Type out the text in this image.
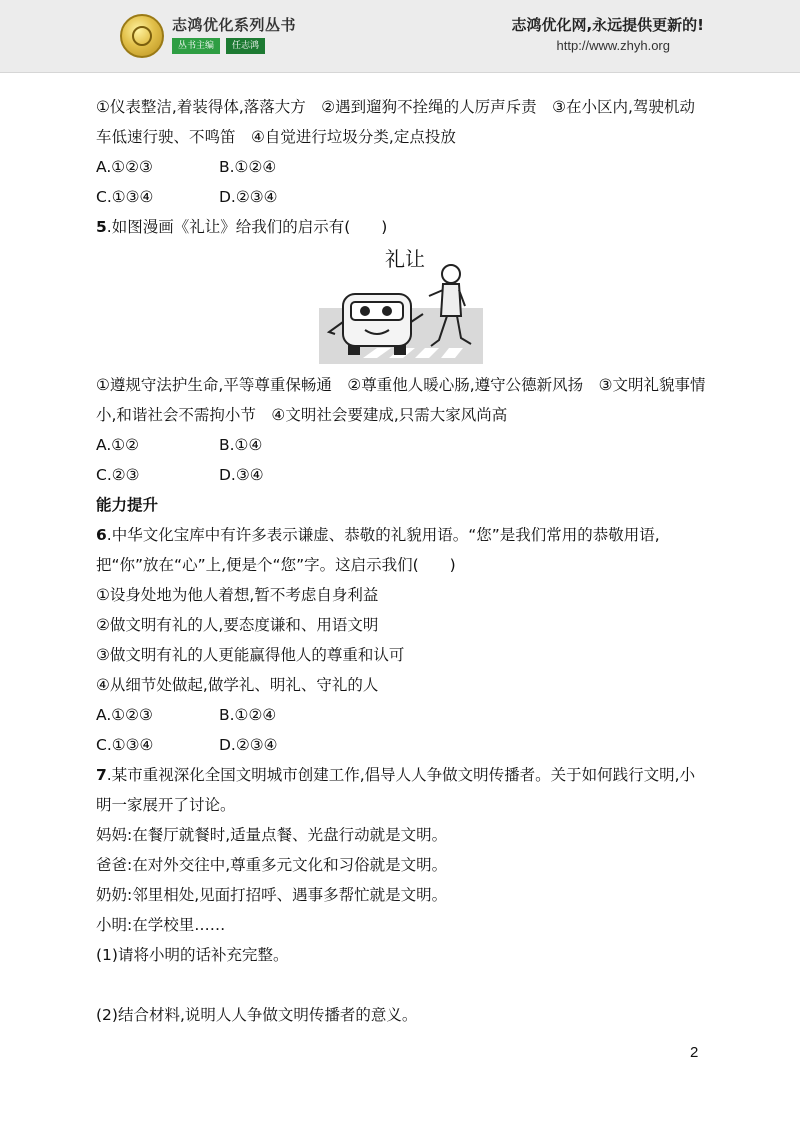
志鸿优化系列丛书
丛书主编	任志鸿
志鸿优化网,永远提供更新的!
http://www.zhyh.org
①仪表整洁,着装得体,落落大方　②遇到遛狗不拴绳的人厉声斥责　③在小区内,驾驶机动车低速行驶、不鸣笛　④自觉进行垃圾分类,定点投放
A.①②③	B.①②④
C.①③④	D.②③④
5.如图漫画《礼让》给我们的启示有(　　)
礼让
①遵规守法护生命,平等尊重保畅通　②尊重他人暖心肠,遵守公德新风扬　③文明礼貌事情小,和谐社会不需拘小节　④文明社会要建成,只需大家风尚高
A.①②	B.①④
C.②③	D.③④
能力提升
6.中华文化宝库中有许多表示谦虚、恭敬的礼貌用语。“您”是我们常用的恭敬用语,把“你”放在“心”上,便是个“您”字。这启示我们(　　)
①设身处地为他人着想,暂不考虑自身利益
②做文明有礼的人,要态度谦和、用语文明
③做文明有礼的人更能赢得他人的尊重和认可
④从细节处做起,做学礼、明礼、守礼的人
A.①②③	B.①②④
C.①③④	D.②③④
7.某市重视深化全国文明城市创建工作,倡导人人争做文明传播者。关于如何践行文明,小明一家展开了讨论。
妈妈:在餐厅就餐时,适量点餐、光盘行动就是文明。
爸爸:在对外交往中,尊重多元文化和习俗就是文明。
奶奶:邻里相处,见面打招呼、遇事多帮忙就是文明。
小明:在学校里……
(1)请将小明的话补充完整。
(2)结合材料,说明人人争做文明传播者的意义。
2
